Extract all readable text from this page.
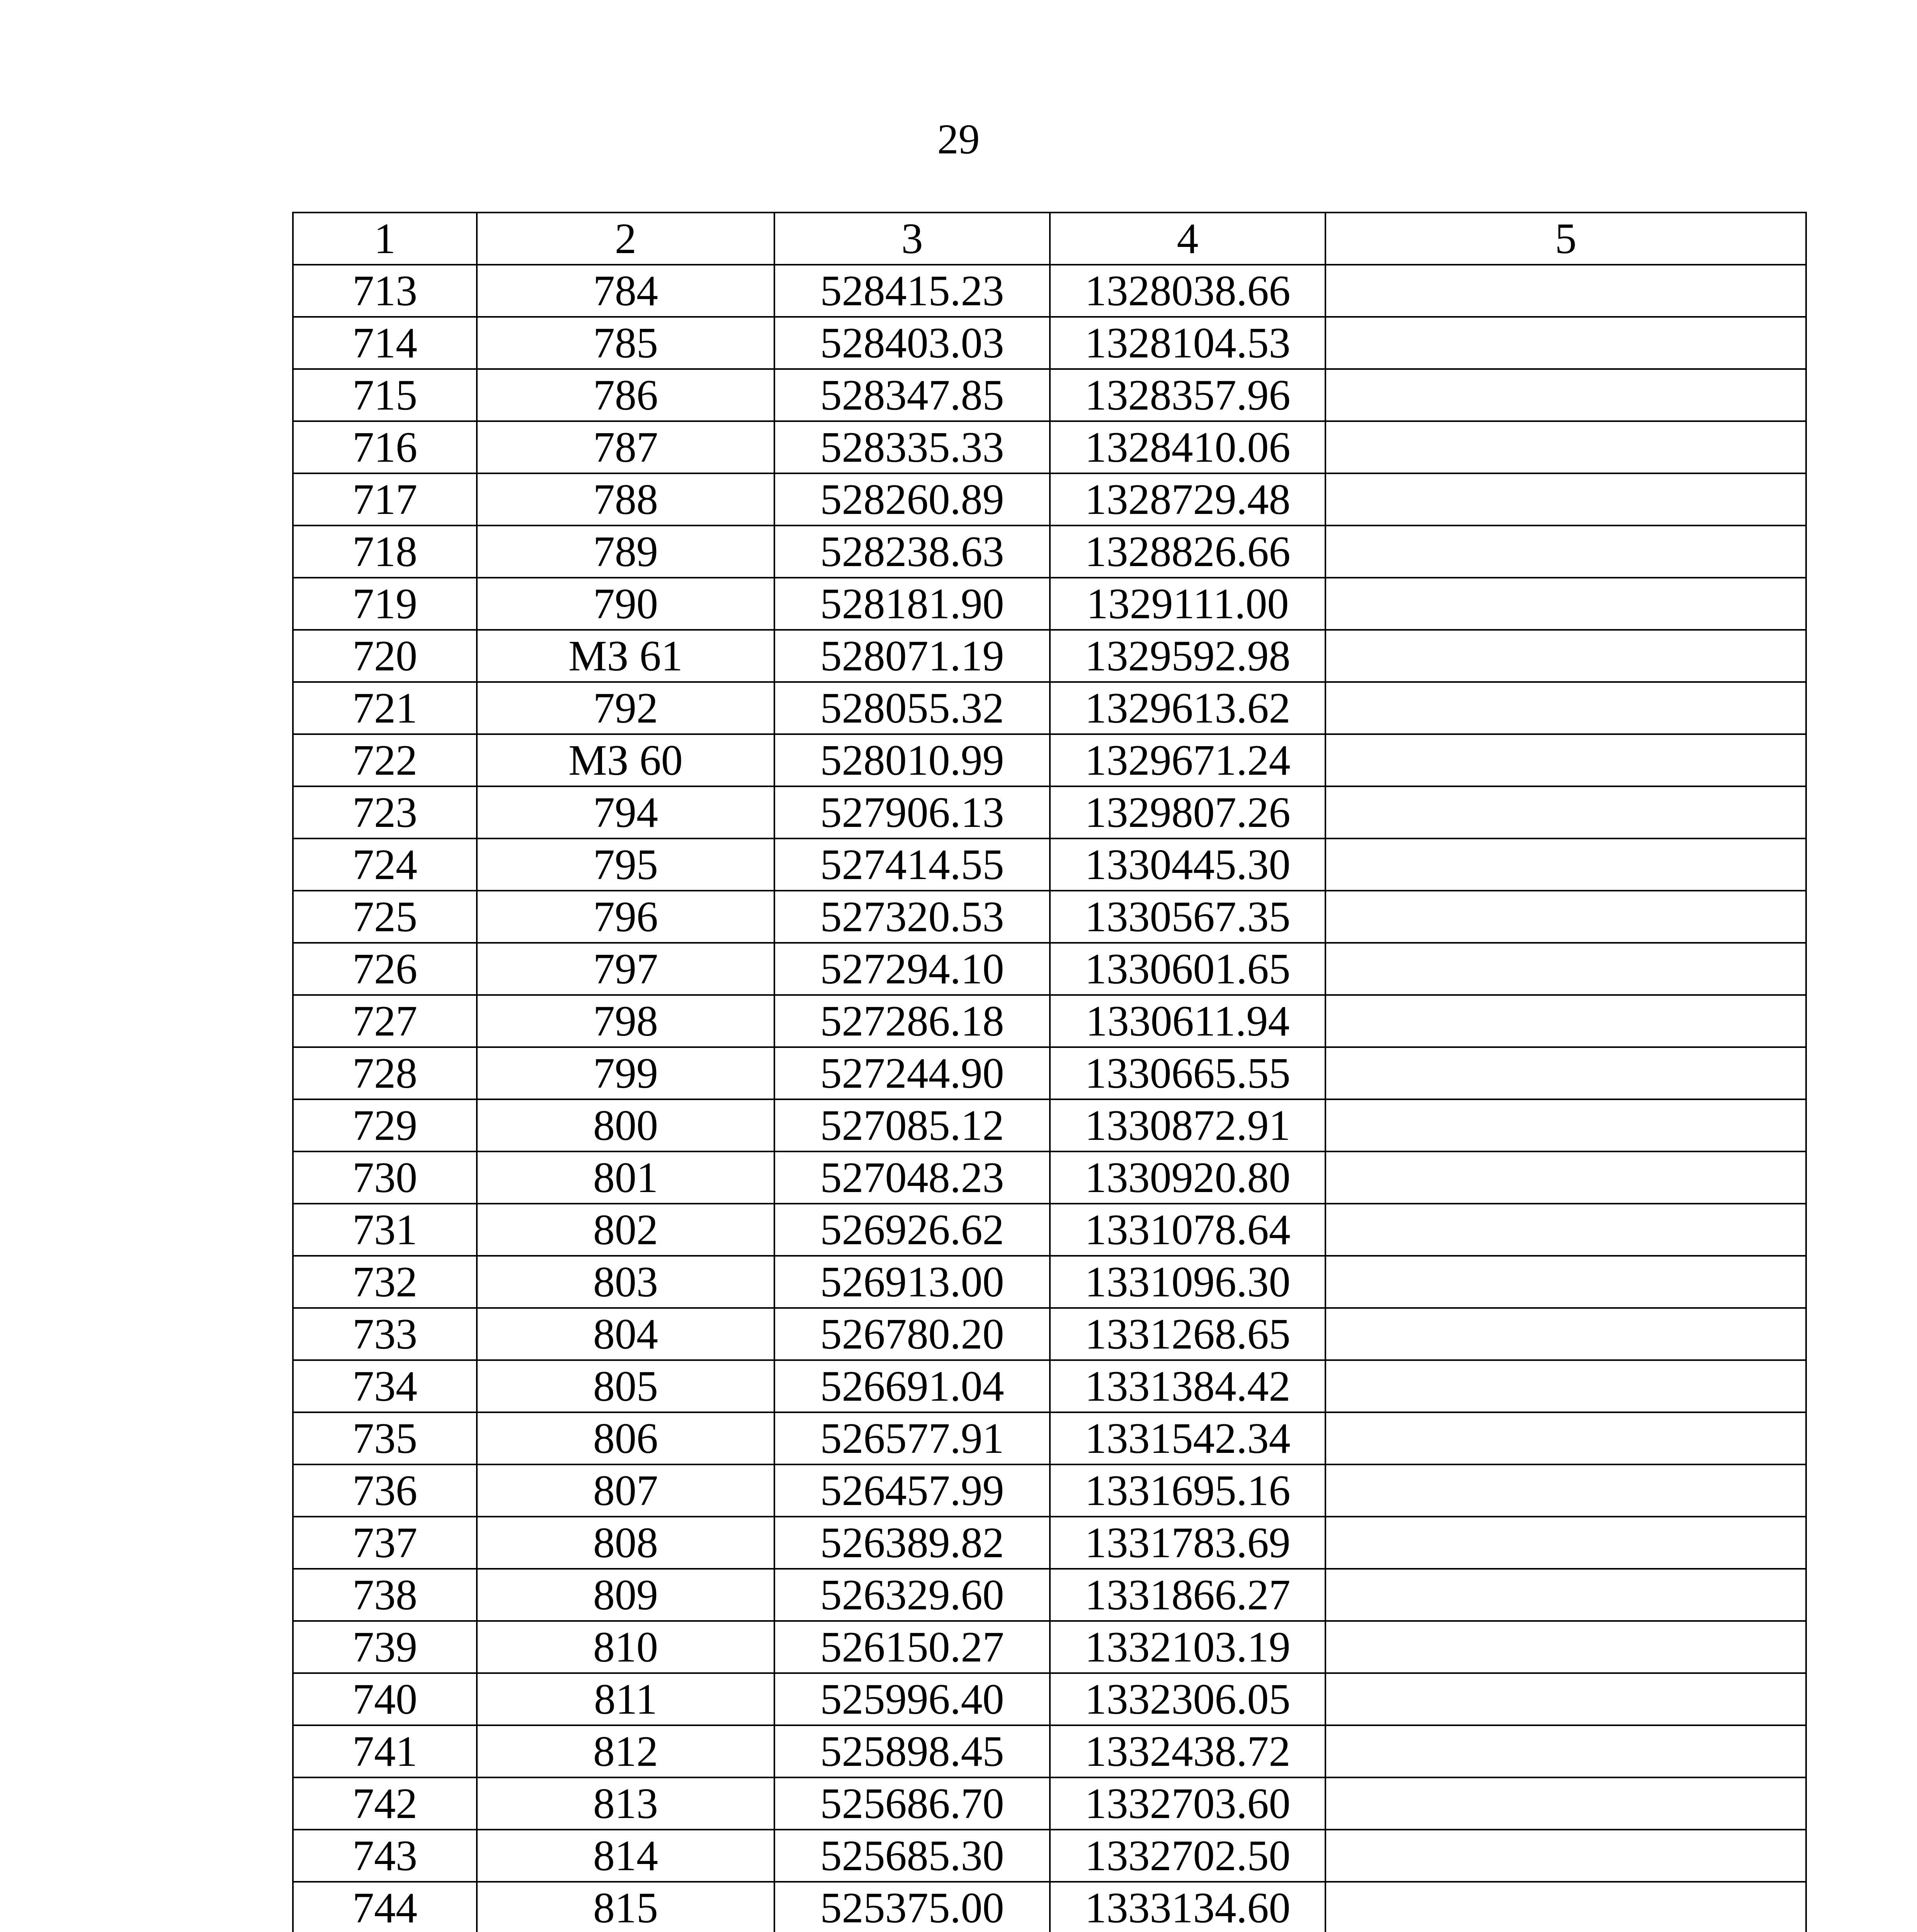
29
1	2	3	4	5
713	784	528415.23	1328038.66	
714	785	528403.03	1328104.53	
715	786	528347.85	1328357.96	
716	787	528335.33	1328410.06	
717	788	528260.89	1328729.48	
718	789	528238.63	1328826.66	
719	790	528181.90	1329111.00	
720	МЗ 61	528071.19	1329592.98	
721	792	528055.32	1329613.62	
722	МЗ 60	528010.99	1329671.24	
723	794	527906.13	1329807.26	
724	795	527414.55	1330445.30	
725	796	527320.53	1330567.35	
726	797	527294.10	1330601.65	
727	798	527286.18	1330611.94	
728	799	527244.90	1330665.55	
729	800	527085.12	1330872.91	
730	801	527048.23	1330920.80	
731	802	526926.62	1331078.64	
732	803	526913.00	1331096.30	
733	804	526780.20	1331268.65	
734	805	526691.04	1331384.42	
735	806	526577.91	1331542.34	
736	807	526457.99	1331695.16	
737	808	526389.82	1331783.69	
738	809	526329.60	1331866.27	
739	810	526150.27	1332103.19	
740	811	525996.40	1332306.05	
741	812	525898.45	1332438.72	
742	813	525686.70	1332703.60	
743	814	525685.30	1332702.50	
744	815	525375.00	1333134.60	
